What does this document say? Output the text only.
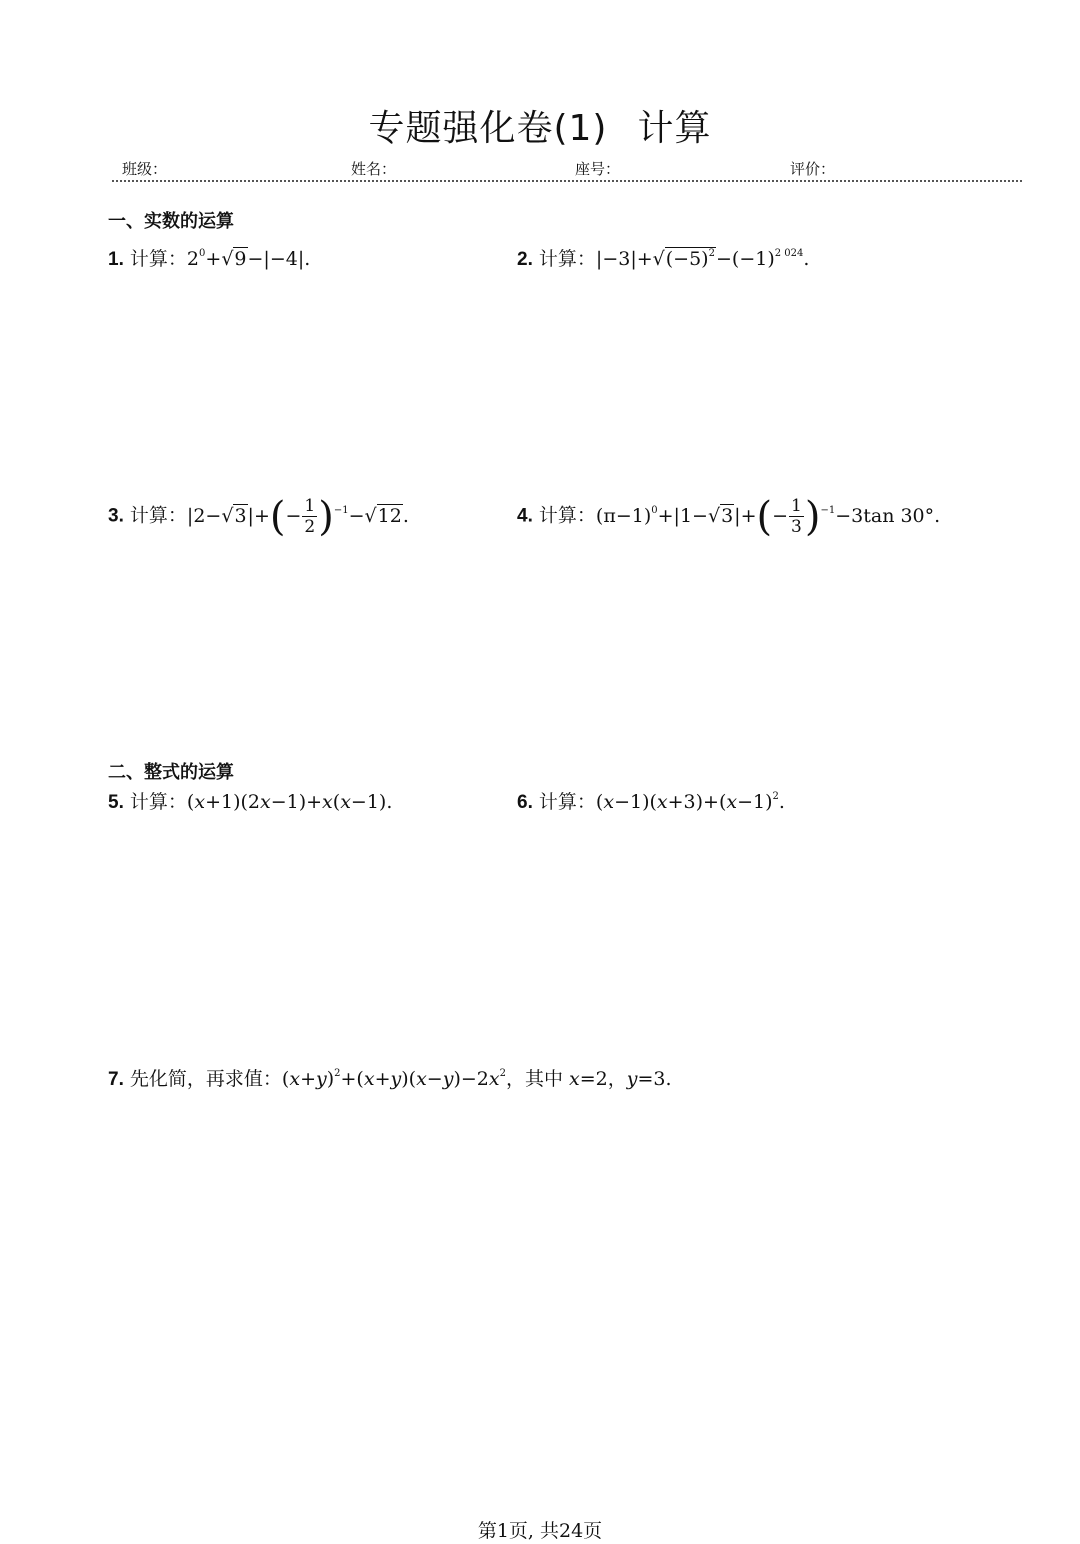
专题强化卷(1) 计算
班级：	姓名：	座号：	评价：
一、实数的运算
1. 计算：$2^0+√9-|-4|$.	2. 计算：$|-3|+√(-5)^2-(-1)^{2 024}$.
3. 计算：$|2-√3|+(- \frac{1}{2} )^{-1}-√12$.	4. 计算：$(\pi-1)^0+|1-√3|+(- \frac{1}{3} )^{-1}-3\tan$ 30°.
二、整式的运算
5. 计算：(x+1)(2x−1)+x(x−1).	6. 计算：$(x-1)(x+3)+(x-1)^2$.
7. 先化简，再求值：$(x+y)^2+(x+y)(x-y)-2x^2$，其中 x=2，y=3.
第1页, 共24页
